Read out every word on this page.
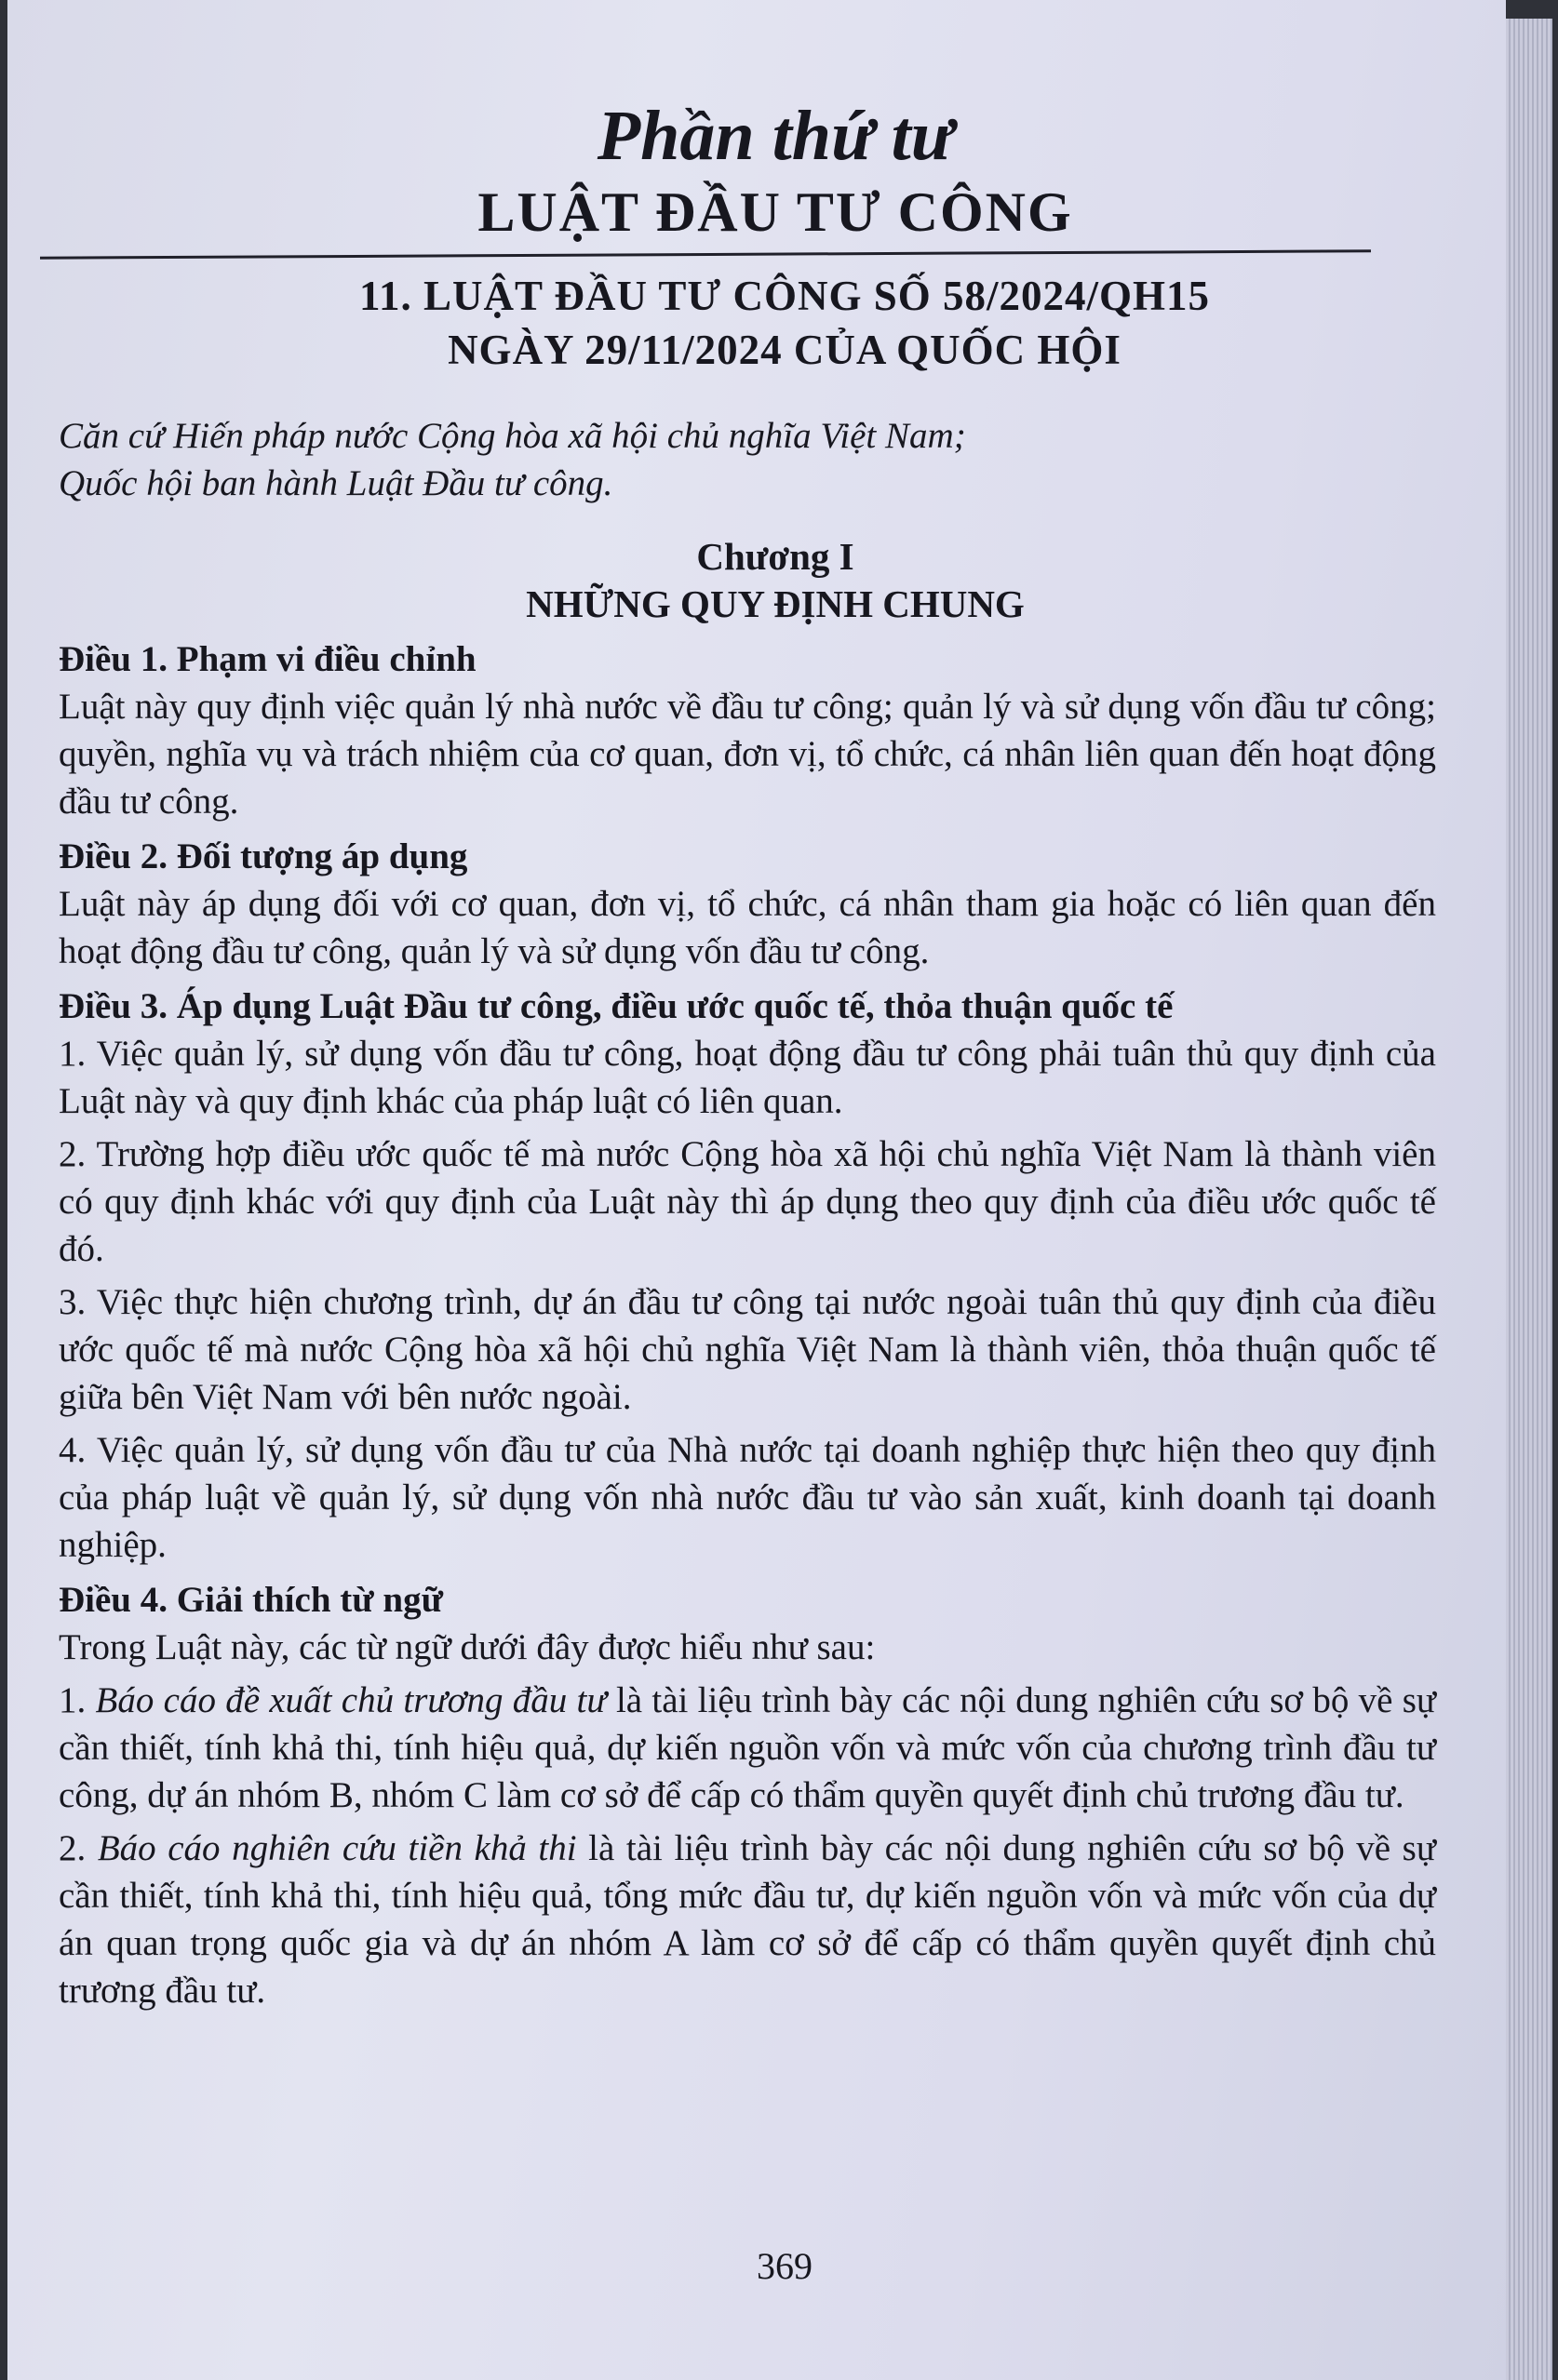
Phần thứ tư
LUẬT ĐẦU TƯ CÔNG
11. LUẬT ĐẦU TƯ CÔNG SỐ 58/2024/QH15
NGÀY 29/11/2024 CỦA QUỐC HỘI

Căn cứ Hiến pháp nước Cộng hòa xã hội chủ nghĩa Việt Nam;

Quốc hội ban hành Luật Đầu tư công.

Chương I
NHỮNG QUY ĐỊNH CHUNG

Điều 1. Phạm vi điều chỉnh

Luật này quy định việc quản lý nhà nước về đầu tư công; quản lý và sử dụng vốn đầu tư công; quyền, nghĩa vụ và trách nhiệm của cơ quan, đơn vị, tổ chức, cá nhân liên quan đến hoạt động đầu tư công.

Điều 2. Đối tượng áp dụng

Luật này áp dụng đối với cơ quan, đơn vị, tổ chức, cá nhân tham gia hoặc có liên quan đến hoạt động đầu tư công, quản lý và sử dụng vốn đầu tư công.

Điều 3. Áp dụng Luật Đầu tư công, điều ước quốc tế, thỏa thuận quốc tế

1. Việc quản lý, sử dụng vốn đầu tư công, hoạt động đầu tư công phải tuân thủ quy định của Luật này và quy định khác của pháp luật có liên quan.

2. Trường hợp điều ước quốc tế mà nước Cộng hòa xã hội chủ nghĩa Việt Nam là thành viên có quy định khác với quy định của Luật này thì áp dụng theo quy định của điều ước quốc tế đó.

3. Việc thực hiện chương trình, dự án đầu tư công tại nước ngoài tuân thủ quy định của điều ước quốc tế mà nước Cộng hòa xã hội chủ nghĩa Việt Nam là thành viên, thỏa thuận quốc tế giữa bên Việt Nam với bên nước ngoài.

4. Việc quản lý, sử dụng vốn đầu tư của Nhà nước tại doanh nghiệp thực hiện theo quy định của pháp luật về quản lý, sử dụng vốn nhà nước đầu tư vào sản xuất, kinh doanh tại doanh nghiệp.

Điều 4. Giải thích từ ngữ

Trong Luật này, các từ ngữ dưới đây được hiểu như sau:

1. Báo cáo đề xuất chủ trương đầu tư là tài liệu trình bày các nội dung nghiên cứu sơ bộ về sự cần thiết, tính khả thi, tính hiệu quả, dự kiến nguồn vốn và mức vốn của chương trình đầu tư công, dự án nhóm B, nhóm C làm cơ sở để cấp có thẩm quyền quyết định chủ trương đầu tư.

2. Báo cáo nghiên cứu tiền khả thi là tài liệu trình bày các nội dung nghiên cứu sơ bộ về sự cần thiết, tính khả thi, tính hiệu quả, tổng mức đầu tư, dự kiến nguồn vốn và mức vốn của dự án quan trọng quốc gia và dự án nhóm A làm cơ sở để cấp có thẩm quyền quyết định chủ trương đầu tư.

369
